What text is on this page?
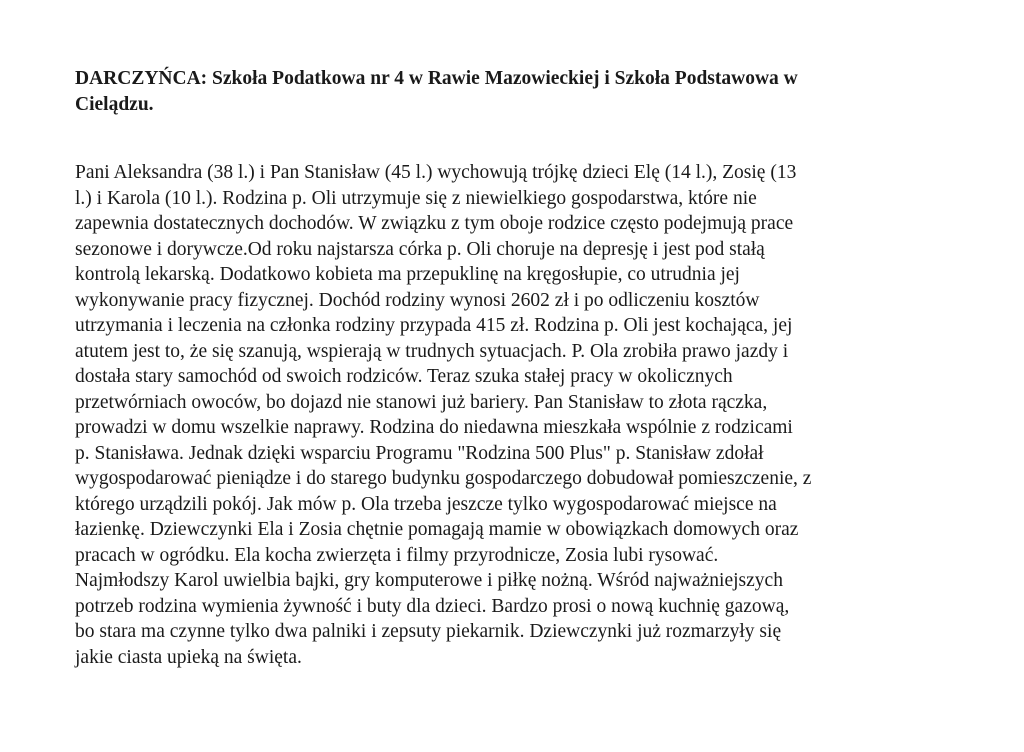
DARCZYŃCA: Szkoła Podatkowa nr 4 w Rawie Mazowieckiej i Szkoła Podstawowa w
Cielądzu.

Pani Aleksandra (38 l.) i Pan Stanisław (45 l.) wychowują trójkę dzieci Elę (14 l.), Zosię (13
l.) i Karola (10 l.). Rodzina p. Oli utrzymuje się z niewielkiego gospodarstwa, które nie
zapewnia dostatecznych dochodów. W związku z tym oboje rodzice często podejmują prace
sezonowe i dorywcze.Od roku najstarsza córka p. Oli choruje na depresję i jest pod stałą
kontrolą lekarską. Dodatkowo kobieta ma przepuklinę na kręgosłupie, co utrudnia jej
wykonywanie pracy fizycznej. Dochód rodziny wynosi 2602 zł i po odliczeniu kosztów
utrzymania i leczenia na członka rodziny przypada 415 zł. Rodzina p. Oli jest kochająca, jej
atutem jest to, że się szanują, wspierają w trudnych sytuacjach. P. Ola zrobiła prawo jazdy i
dostała stary samochód od swoich rodziców. Teraz szuka stałej pracy w okolicznych
przetwórniach owoców, bo dojazd nie stanowi już bariery. Pan Stanisław to złota rączka,
prowadzi w domu wszelkie naprawy. Rodzina do niedawna mieszkała wspólnie z rodzicami
p. Stanisława. Jednak dzięki wsparciu Programu "Rodzina 500 Plus" p. Stanisław zdołał
wygospodarować pieniądze i do starego budynku gospodarczego dobudował pomieszczenie, z
którego urządzili pokój. Jak mów p. Ola trzeba jeszcze tylko wygospodarować miejsce na
łazienkę. Dziewczynki Ela i Zosia chętnie pomagają mamie w obowiązkach domowych oraz
pracach w ogródku. Ela kocha zwierzęta i filmy przyrodnicze, Zosia lubi rysować.
Najmłodszy Karol uwielbia bajki, gry komputerowe i piłkę nożną. Wśród najważniejszych
potrzeb rodzina wymienia żywność i buty dla dzieci. Bardzo prosi o nową kuchnię gazową,
bo stara ma czynne tylko dwa palniki i zepsuty piekarnik. Dziewczynki już rozmarzyły się
jakie ciasta upieką na święta.
